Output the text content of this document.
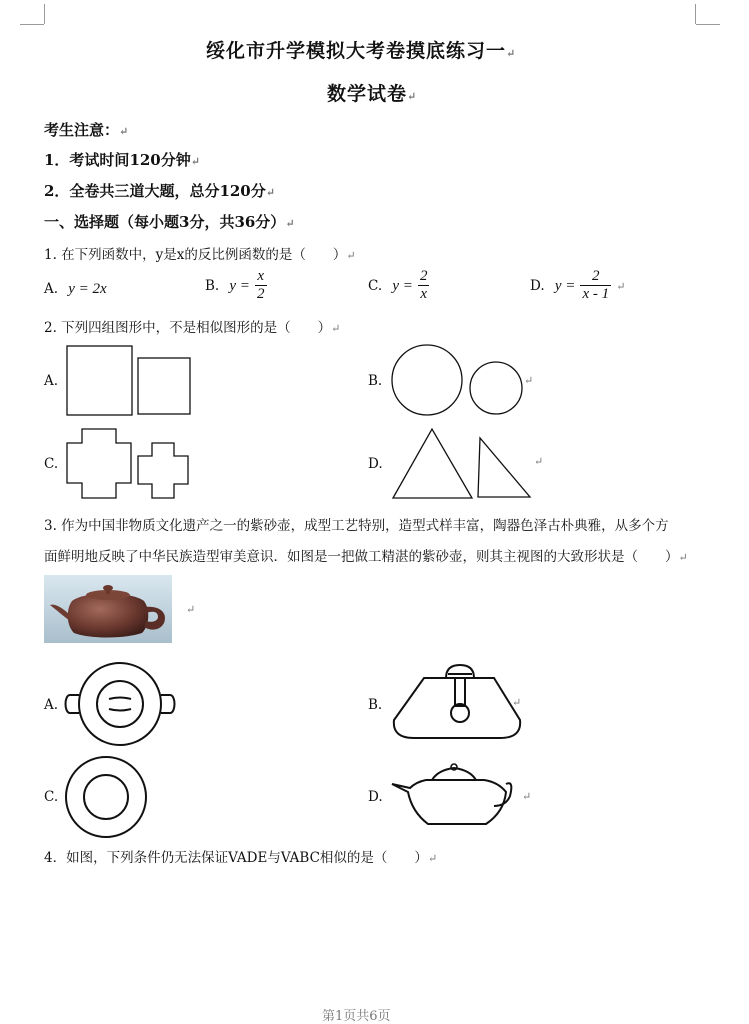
绥化市升学模拟大考卷摸底练习一↵
数学试卷↵
考生注意：↵
1．考试时间120分钟↵
2．全卷共三道大题，总分120分↵
一、选择题（每小题3分，共36分）↵
1. 在下列函数中，y是x的反比例函数的是（　　）↵
A. y = 2x	B. $y = \frac{x}{2}$	C. $y = \frac{2}{x}$	D. $y = \frac{2}{x - 1}$ ↵
2. 下列四组图形中，不是相似图形的是（　　）↵
A.	B.	↵
C.	D.	↵
3. 作为中国非物质文化遗产之一的紫砂壶，成型工艺特别，造型式样丰富，陶器色泽古朴典雅，从多个方
面鲜明地反映了中华民族造型审美意识．如图是一把做工精湛的紫砂壶，则其主视图的大致形状是（　　）↵
↵
A.	B.	↵
C.	D.	↵
4．如图，下列条件仍无法保证VADE与VABC相似的是（　　）↵
第1页共6页
